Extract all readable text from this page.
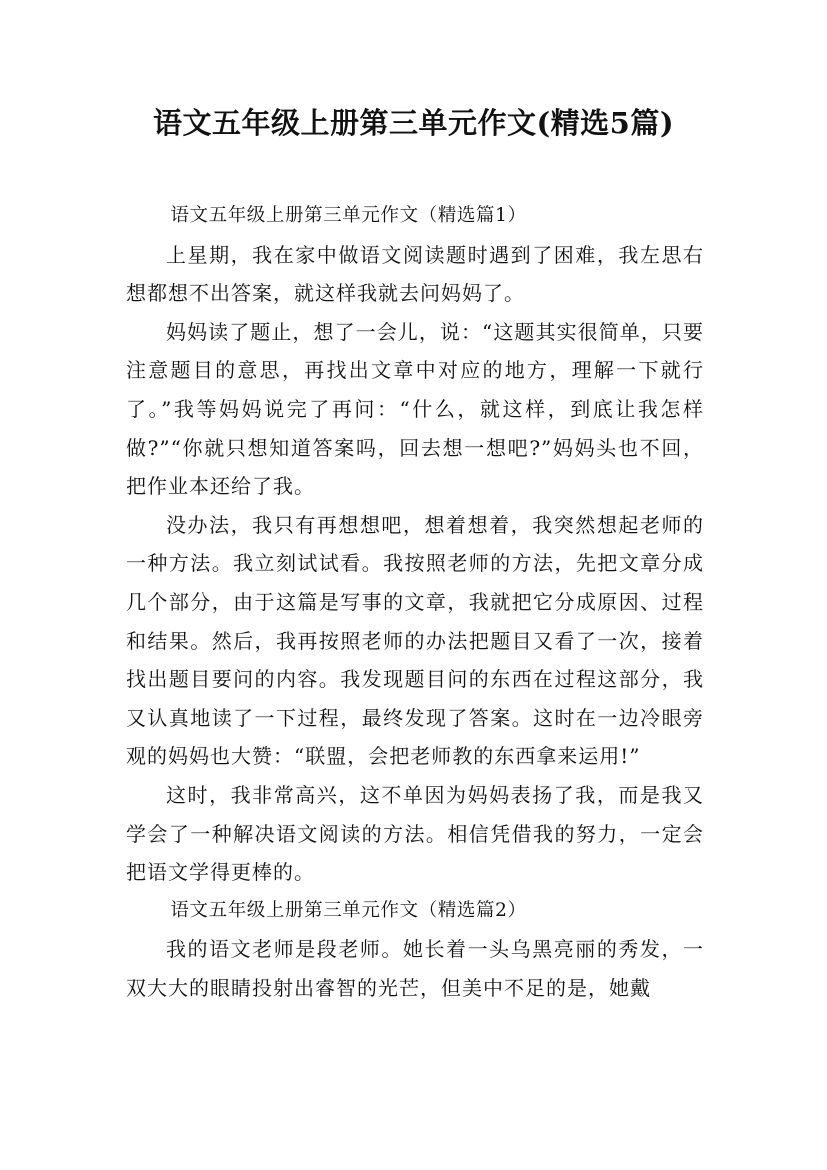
语文五年级上册第三单元作文(精选5篇)

语文五年级上册第三单元作文（精选篇1）

上星期，我在家中做语文阅读题时遇到了困难，我左思右想都想不出答案，就这样我就去问妈妈了。

妈妈读了题止，想了一会儿，说：“这题其实很简单，只要注意题目的意思，再找出文章中对应的地方，理解一下就行了。”我等妈妈说完了再问：“什么，就这样，到底让我怎样做?”“你就只想知道答案吗，回去想一想吧?”妈妈头也不回，把作业本还给了我。

没办法，我只有再想想吧，想着想着，我突然想起老师的一种方法。我立刻试试看。我按照老师的方法，先把文章分成几个部分，由于这篇是写事的文章，我就把它分成原因、过程和结果。然后，我再按照老师的办法把题目又看了一次，接着找出题目要问的内容。我发现题目问的东西在过程这部分，我又认真地读了一下过程，最终发现了答案。这时在一边冷眼旁观的妈妈也大赞：“联盟，会把老师教的东西拿来运用!”

这时，我非常高兴，这不单因为妈妈表扬了我，而是我又学会了一种解决语文阅读的方法。相信凭借我的努力，一定会把语文学得更棒的。

语文五年级上册第三单元作文（精选篇2）

我的语文老师是段老师。她长着一头乌黑亮丽的秀发，一双大大的眼睛投射出睿智的光芒，但美中不足的是，她戴
